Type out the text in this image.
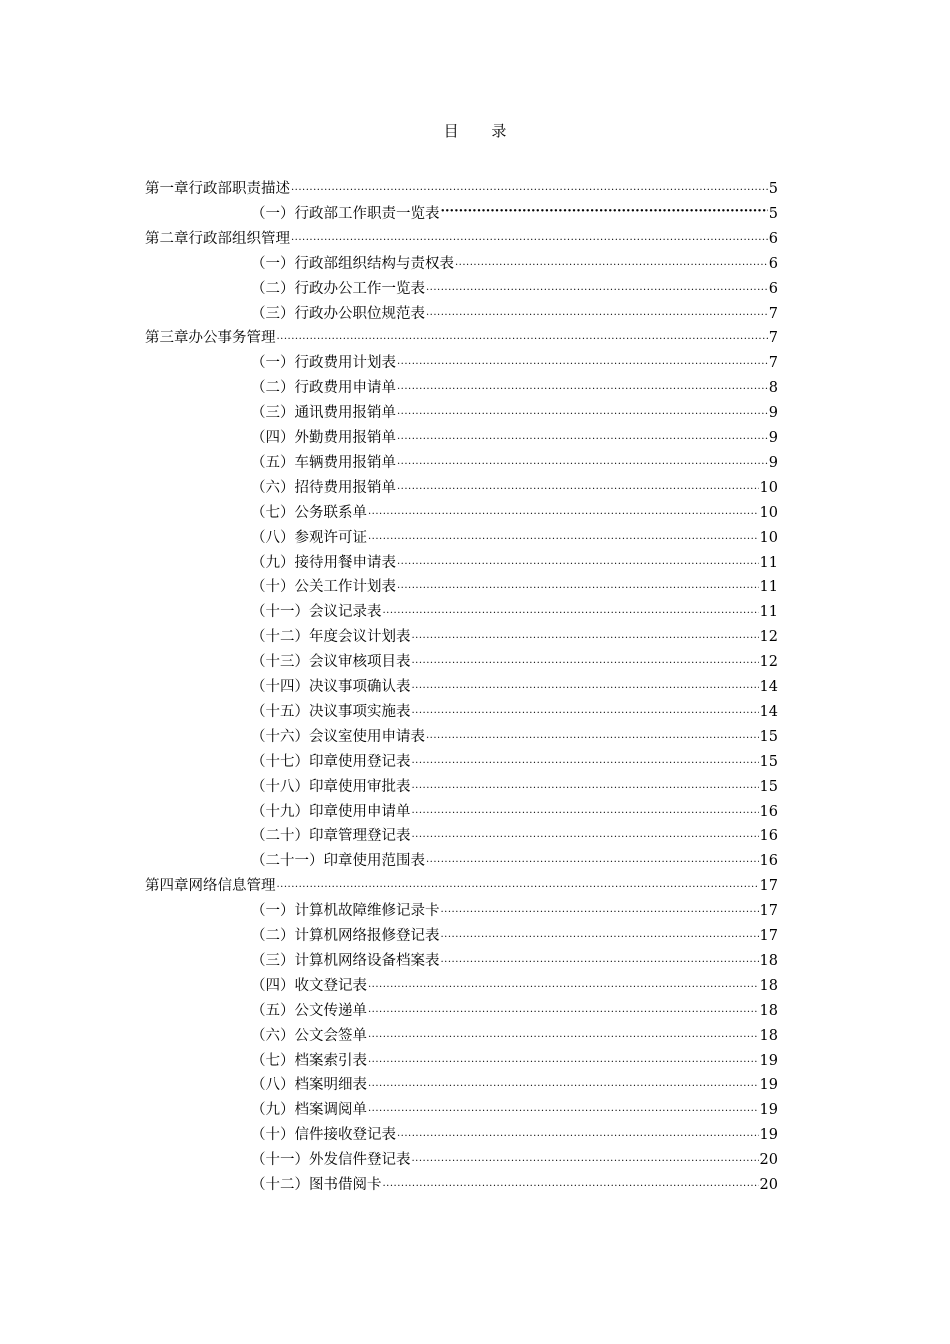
目 录
第一章 行政部职责描述 .....	5
（一）行政部工作职责一览表 ·····	5
第二章 行政部组织管理 .....	6
（一）行政部组织结构与责权表 .....	6
（二）行政办公工作一览表 .....	6
（三）行政办公职位规范表 .....	7
第三章 办公事务管理 .....	7
（一）行政费用计划表 .....	7
（二）行政费用申请单 .....	8
（三）通讯费用报销单 .....	9
（四）外勤费用报销单 .....	9
（五）车辆费用报销单 .....	9
（六）招待费用报销单 .....	10
（七）公务联系单 .....	10
（八）参观许可证 .....	10
（九）接待用餐申请表 .....	11
（十）公关工作计划表 .....	11
（十一）会议记录表 .....	11
（十二）年度会议计划表 .....	12
（十三）会议审核项目表 .....	12
（十四）决议事项确认表 .....	14
（十五）决议事项实施表 .....	14
（十六）会议室使用申请表 .....	15
（十七）印章使用登记表 .....	15
（十八）印章使用审批表 .....	15
（十九）印章使用申请单 .....	16
（二十）印章管理登记表 .....	16
（二十一）印章使用范围表 .....	16
第四章 网络信息管理 .....	17
（一）计算机故障维修记录卡 .....	17
（二）计算机网络报修登记表 .....	17
（三）计算机网络设备档案表 .....	18
（四）收文登记表 .....	18
（五）公文传递单 .....	18
（六）公文会签单 .....	18
（七）档案索引表 .....	19
（八）档案明细表 .....	19
（九）档案调阅单 .....	19
（十）信件接收登记表 .....	19
（十一）外发信件登记表 .....	20
（十二）图书借阅卡 .....	20
